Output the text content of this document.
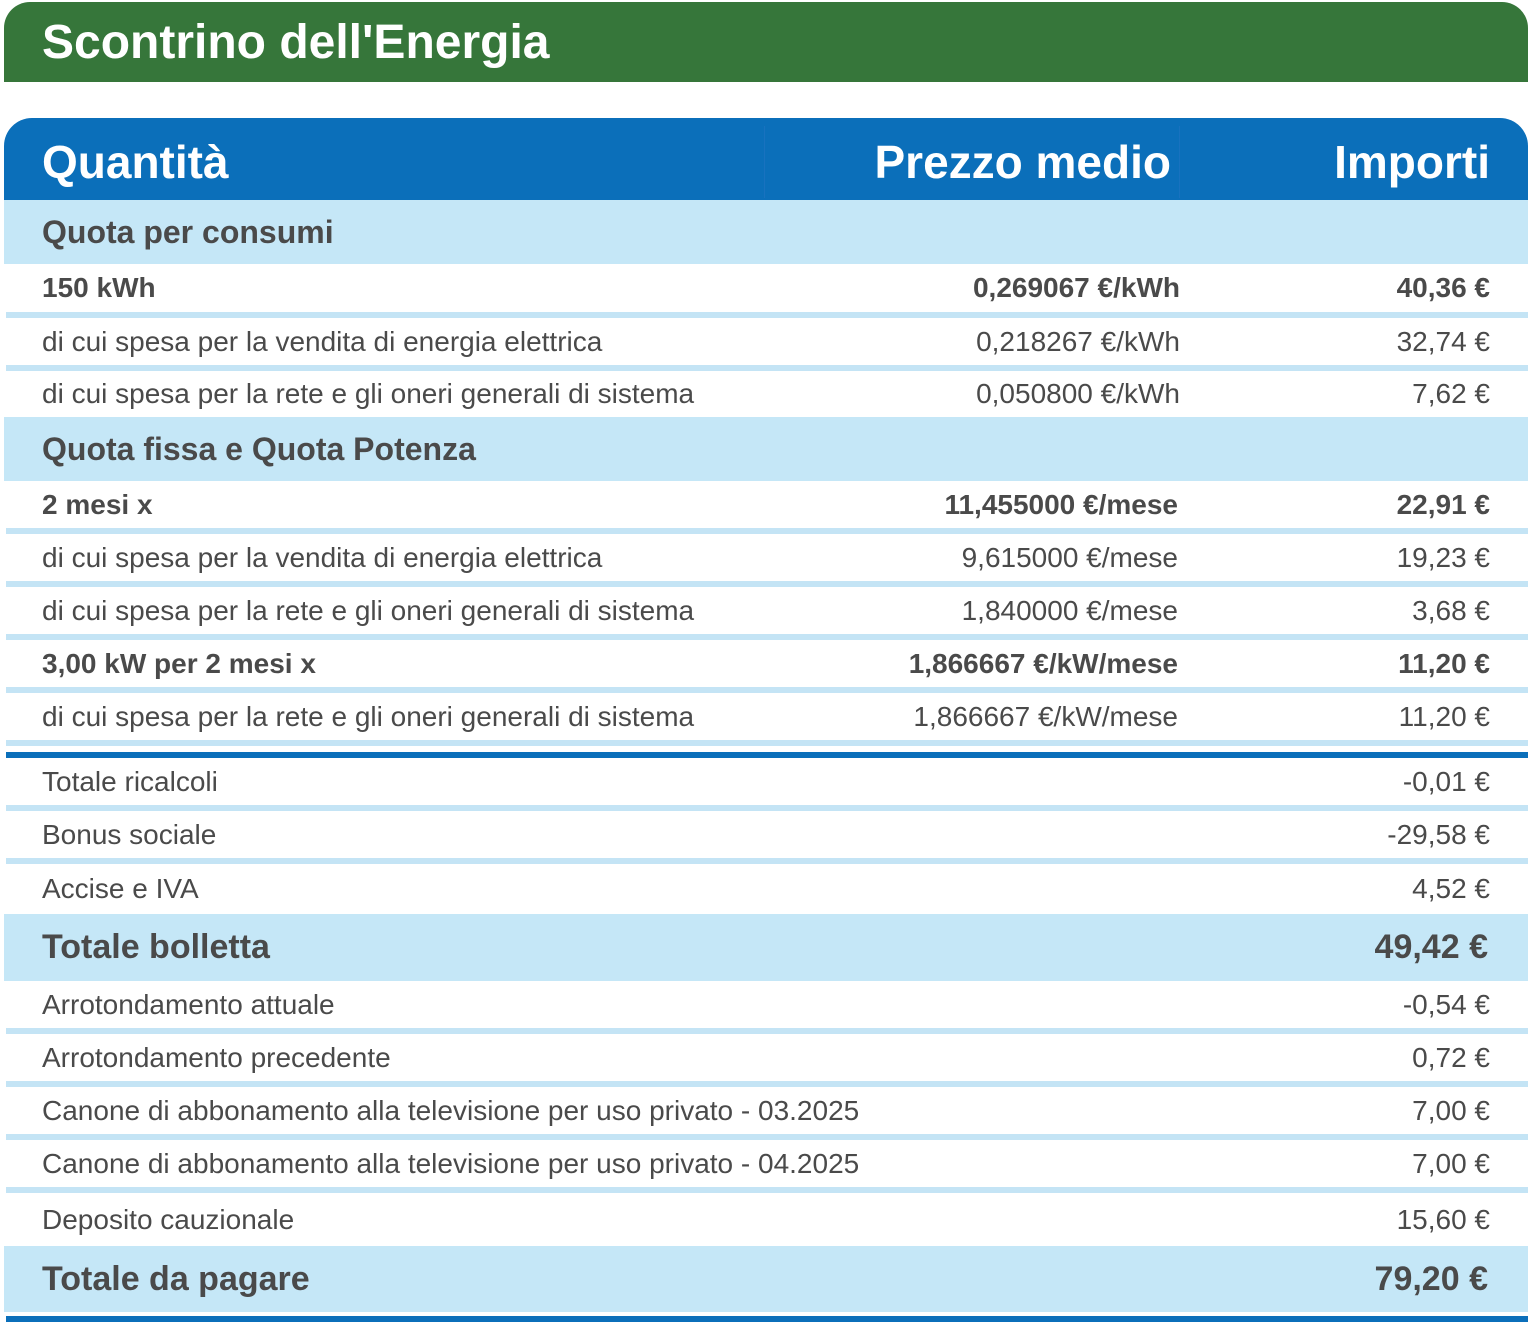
Scontrino dell'Energia
Quantità	Prezzo medio	Importi
Quota per consumi
150 kWh	0,269067 €/kWh	40,36 €
di cui spesa per la vendita di energia elettrica	0,218267 €/kWh	32,74 €
di cui spesa per la rete e gli oneri generali di sistema	0,050800 €/kWh	7,62 €
Quota fissa e Quota Potenza
2 mesi x	11,455000 €/mese	22,91 €
di cui spesa per la vendita di energia elettrica	9,615000 €/mese	19,23 €
di cui spesa per la rete e gli oneri generali di sistema	1,840000 €/mese	3,68 €
3,00 kW per 2 mesi x	1,866667 €/kW/mese	11,20 €
di cui spesa per la rete e gli oneri generali di sistema	1,866667 €/kW/mese	11,20 €
Totale ricalcoli	-0,01 €
Bonus sociale	-29,58 €
Accise e IVA	4,52 €
Totale bolletta	49,42 €
Arrotondamento attuale	-0,54 €
Arrotondamento precedente	0,72 €
Canone di abbonamento alla televisione per uso privato - 03.2025	7,00 €
Canone di abbonamento alla televisione per uso privato - 04.2025	7,00 €
Deposito cauzionale	15,60 €
Totale da pagare	79,20 €
